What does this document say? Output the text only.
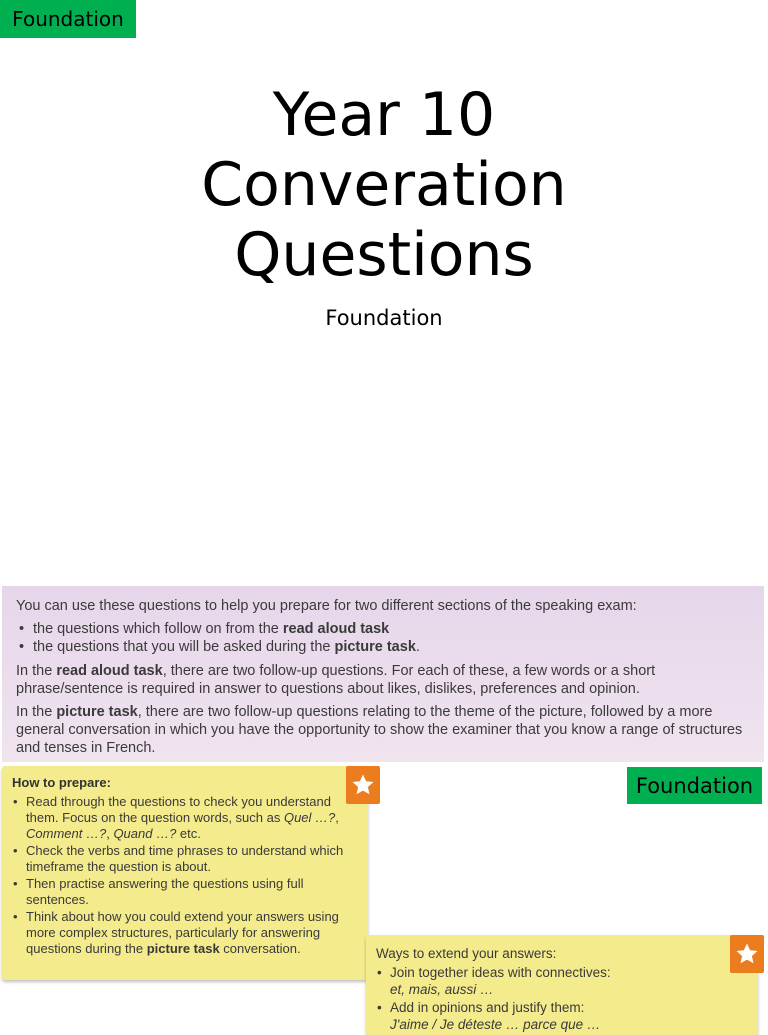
Foundation
Year 10
Converation
Questions

Foundation

You can use these questions to help you prepare for two different sections of the speaking exam:

• the questions which follow on from the read aloud task
• the questions that you will be asked during the picture task.

In the read aloud task, there are two follow-up questions. For each of these, a few words or a short phrase/sentence is required in answer to questions about likes, dislikes, preferences and opinion.

In the picture task, there are two follow-up questions relating to the theme of the picture, followed by a more general conversation in which you have the opportunity to show the examiner that you know a range of structures and tenses in French.

How to prepare:
• Read through the questions to check you understand them. Focus on the question words, such as Quel …?, Comment …?, Quand …? etc.
• Check the verbs and time phrases to understand which timeframe the question is about.
• Then practise answering the questions using full sentences.
• Think about how you could extend your answers using more complex structures, particularly for answering questions during the picture task conversation.
Foundation
Ways to extend your answers:
• Join together ideas with connectives:
et, mais, aussi …
• Add in opinions and justify them:
J'aime / Je déteste … parce que …
